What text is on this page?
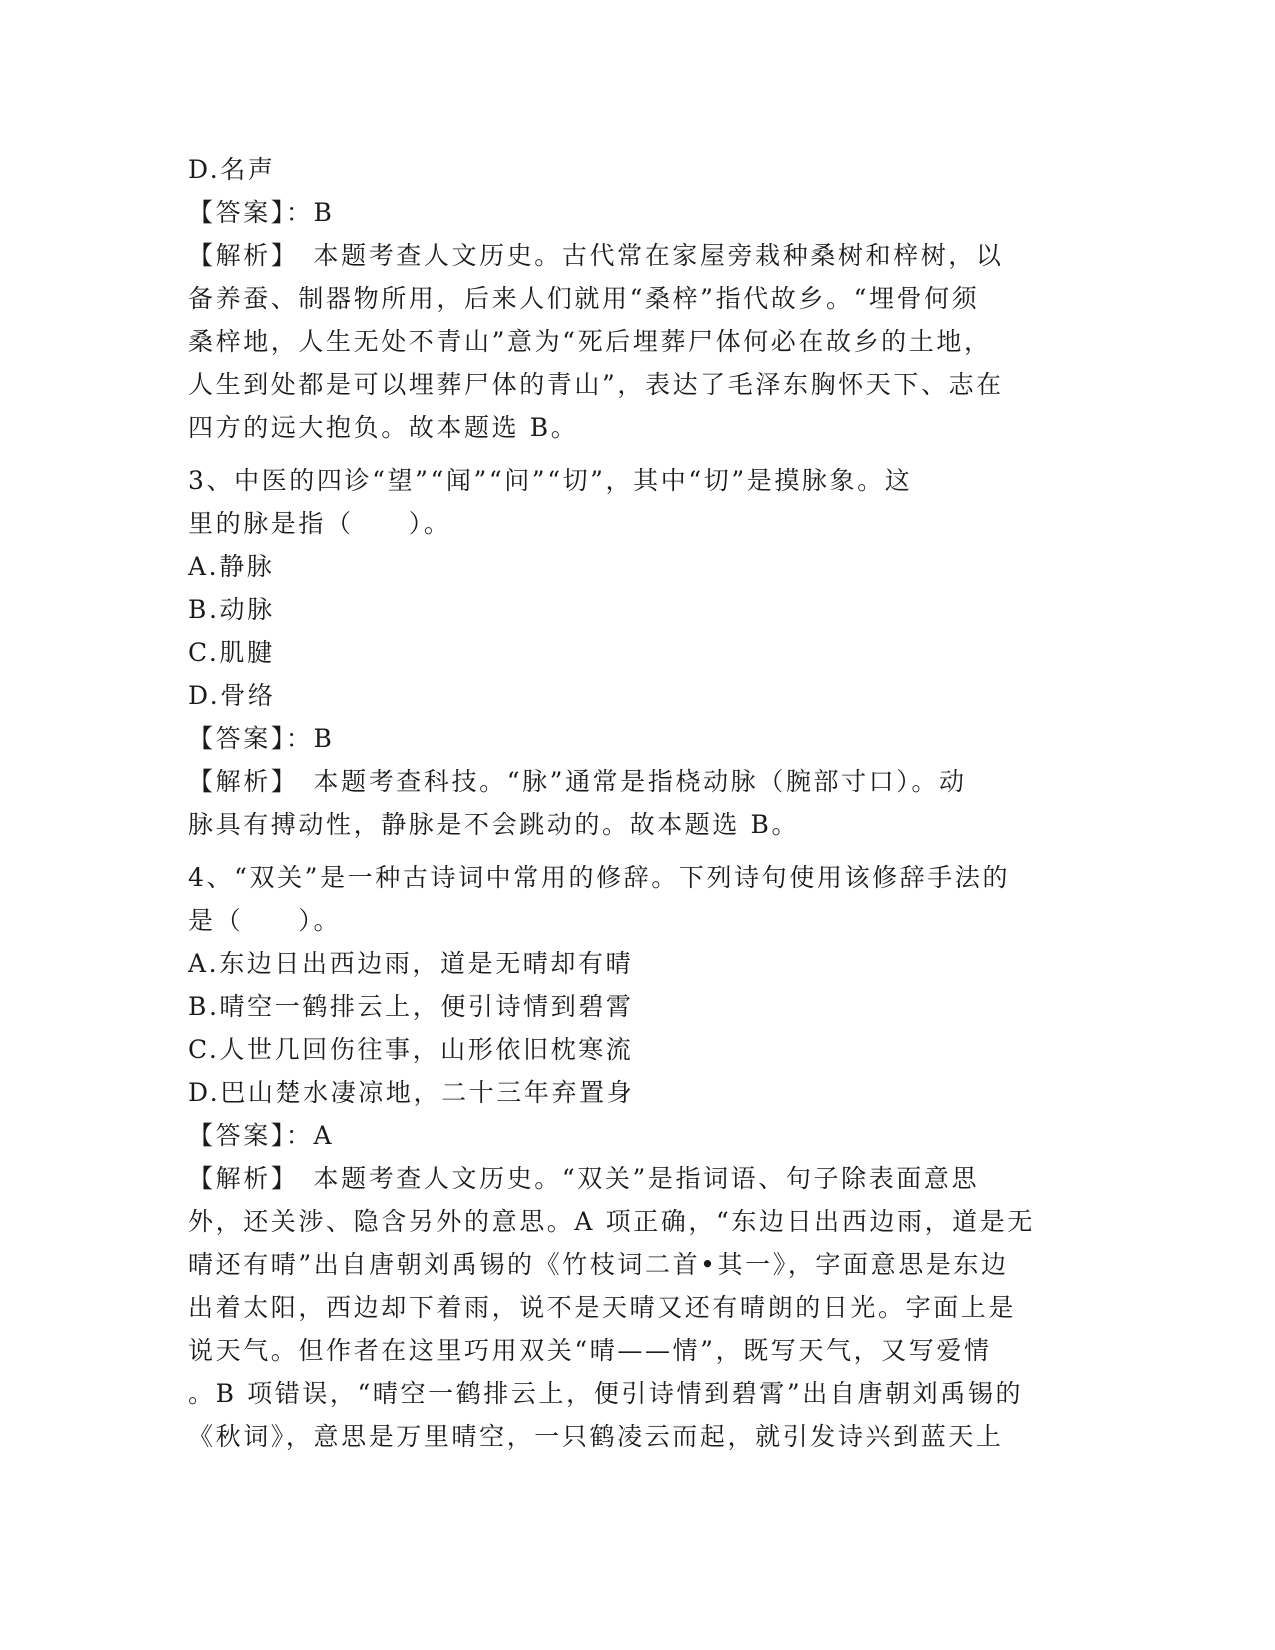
D.名声
【答案】：B
【解析】　本题考查人文历史。古代常在家屋旁栽种桑树和梓树，以
备养蚕、制器物所用，后来人们就用“桑梓”指代故乡。“埋骨何须
桑梓地，人生无处不青山”意为“死后埋葬尸体何必在故乡的土地，
人生到处都是可以埋葬尸体的青山”，表达了毛泽东胸怀天下、志在
四方的远大抱负。故本题选 B。
3、中医的四诊“望”“闻”“问”“切”，其中“切”是摸脉象。这
里的脉是指（　　）。
A.静脉
B.动脉
C.肌腱
D.骨络
【答案】：B
【解析】　本题考查科技。“脉”通常是指桡动脉（腕部寸口）。动
脉具有搏动性，静脉是不会跳动的。故本题选 B。
4、“双关”是一种古诗词中常用的修辞。下列诗句使用该修辞手法的
是（　　）。
A.东边日出西边雨，道是无晴却有晴
B.晴空一鹤排云上，便引诗情到碧霄
C.人世几回伤往事，山形依旧枕寒流
D.巴山楚水凄凉地，二十三年弃置身
【答案】：A
【解析】　本题考查人文历史。“双关”是指词语、句子除表面意思
外，还关涉、隐含另外的意思。A 项正确，“东边日出西边雨，道是无
晴还有晴”出自唐朝刘禹锡的《竹枝词二首•其一》，字面意思是东边
出着太阳，西边却下着雨，说不是天晴又还有晴朗的日光。字面上是
说天气。但作者在这里巧用双关“晴——情”，既写天气，又写爱情
。B 项错误，“晴空一鹤排云上，便引诗情到碧霄”出自唐朝刘禹锡的
《秋词》，意思是万里晴空，一只鹤凌云而起，就引发诗兴到蓝天上
